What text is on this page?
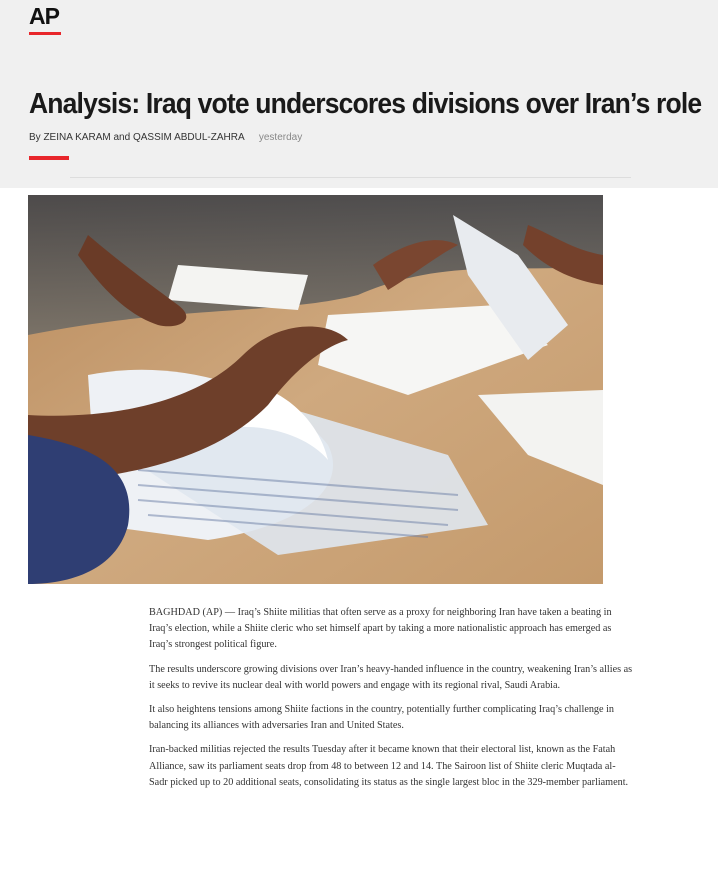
AP
Analysis: Iraq vote underscores divisions over Iran’s role
By ZEINA KARAM and QASSIM ABDUL-ZAHRA yesterday

BAGHDAD (AP) — Iraq’s Shiite militias that often serve as a proxy for neighboring Iran have taken a beating in Iraq’s election, while a Shiite cleric who set himself apart by taking a more nationalistic approach has emerged as Iraq’s strongest political figure.

The results underscore growing divisions over Iran’s heavy-handed influence in the country, weakening Iran’s allies as it seeks to revive its nuclear deal with world powers and engage with its regional rival, Saudi Arabia.

It also heightens tensions among Shiite factions in the country, potentially further complicating Iraq’s challenge in balancing its alliances with adversaries Iran and United States.

Iran-backed militias rejected the results Tuesday after it became known that their electoral list, known as the Fatah Alliance, saw its parliament seats drop from 48 to between 12 and 14. The Sairoon list of Shiite cleric Muqtada al-Sadr picked up to 20 additional seats, consolidating its status as the single largest bloc in the 329-member parliament.
